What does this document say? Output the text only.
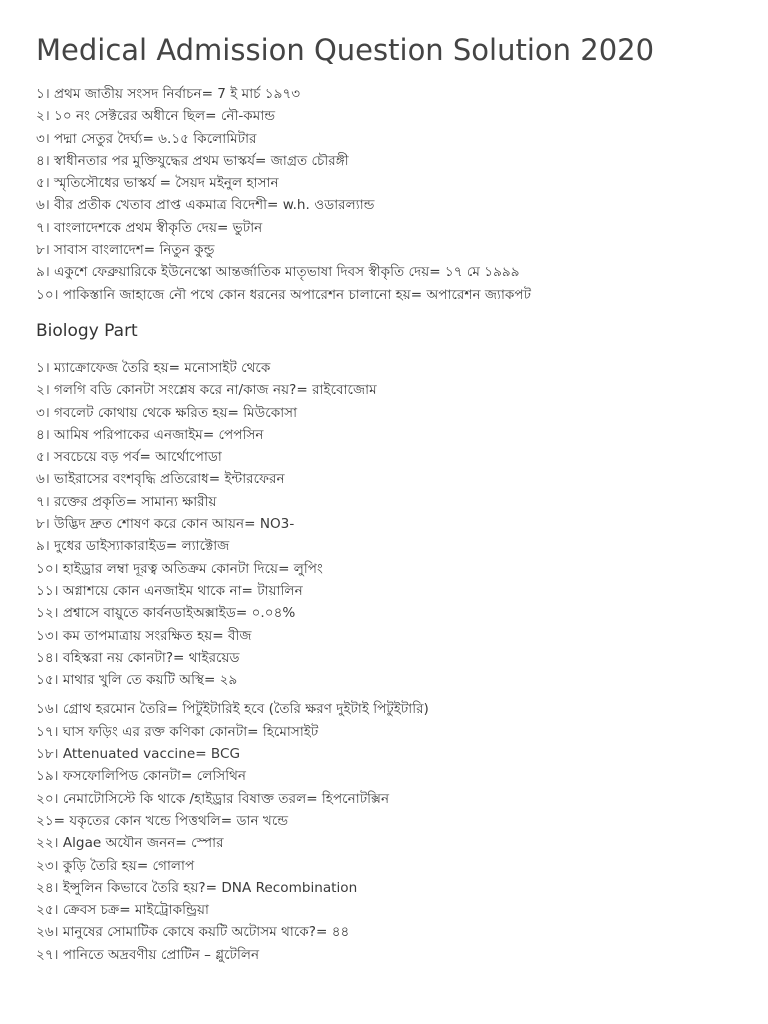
Medical Admission Question Solution 2020
১। প্রথম জাতীয় সংসদ নির্বাচন= 7 ই মার্চ ১৯৭৩
২। ১০ নং সেক্টরের অধীনে ছিল= নৌ-কমান্ড
৩। পদ্মা সেতুর দৈর্ঘ্য= ৬.১৫ কিলোমিটার
৪। স্বাধীনতার পর মুক্তিযুদ্ধের প্রথম ভাস্কর্য= জাগ্রত চৌরঙ্গী
৫। স্মৃতিসৌধের ভাস্কর্য = সৈয়দ মইনুল হাসান
৬। বীর প্রতীক খেতাব প্রাপ্ত একমাত্র বিদেশী= w.h. ওডারল্যান্ড
৭। বাংলাদেশকে প্রথম স্বীকৃতি দেয়= ভুটান
৮। সাবাস বাংলাদেশ= নিতুন কুন্ডু
৯। একুশে ফেব্রুয়ারিকে ইউনেস্কো আন্তর্জাতিক মাতৃভাষা দিবস স্বীকৃতি দেয়= ১৭ মে ১৯৯৯
১০। পাকিস্তানি জাহাজে নৌ পথে কোন ধরনের অপারেশন চালানো হয়= অপারেশন জ্যাকপট
Biology Part
১। ম্যাক্রোফেজ তৈরি হয়= মনোসাইট থেকে
২। গলগি বডি কোনটা সংশ্লেষ করে না/কাজ নয়?= রাইবোজোম
৩। গবলেট কোথায় থেকে ক্ষরিত হয়= মিউকোসা
৪। আমিষ পরিপাকের এনজাইম= পেপসিন
৫। সবচেয়ে বড় পর্ব= আর্থোপোডা
৬। ভাইরাসের বংশবৃদ্ধি প্রতিরোধ= ইন্টারফেরন
৭। রক্তের প্রকৃতি= সামান্য ক্ষারীয়
৮। উদ্ভিদ দ্রুত শোষণ করে কোন আয়ন= NO3-
৯। দুধের ডাইস্যাকারাইড= ল্যাক্টোজ
১০। হাইড্রার লম্বা দূরত্ব অতিক্রম কোনটা দিয়ে= লুপিং
১১। অগ্নাশয়ে কোন এনজাইম থাকে না= টায়ালিন
১২। প্রশ্বাসে বায়ুতে কার্বনডাইঅক্সাইড= ০.০৪%
১৩। কম তাপমাত্রায় সংরক্ষিত হয়= বীজ
১৪। বহিস্করা নয় কোনটা?= থাইরয়েড
১৫। মাথার খুলি তে কয়টি অস্থি= ২৯
১৬। গ্রোথ হরমোন তৈরি= পিটুইটারিই হবে (তৈরি ক্ষরণ দুইটাই পিটুইটারি)
১৭। ঘাস ফড়িং এর রক্ত কণিকা কোনটা= হিমোসাইট
১৮। Attenuated vaccine= BCG
১৯। ফসফোলিপিড কোনটা= লেসিথিন
২০। নেমাটোসিস্টে কি থাকে /হাইড্রার বিষাক্ত তরল= হিপনোটক্সিন
২১= যকৃতের কোন খন্ডে পিত্তথলি= ডান খন্ডে
২২। Algae অযৌন জনন= স্পোর
২৩। কুড়ি তৈরি হয়= গোলাপ
২৪। ইন্সুলিন কিভাবে তৈরি হয়?= DNA Recombination
২৫। ক্রেবস চক্র= মাইট্রোকন্ড্রিয়া
২৬। মানুষের সোমাটিক কোষে কয়টি অটোসম থাকে?= ৪৪
২৭। পানিতে অদ্রবণীয় প্রোটিন – গ্লুটেলিন
